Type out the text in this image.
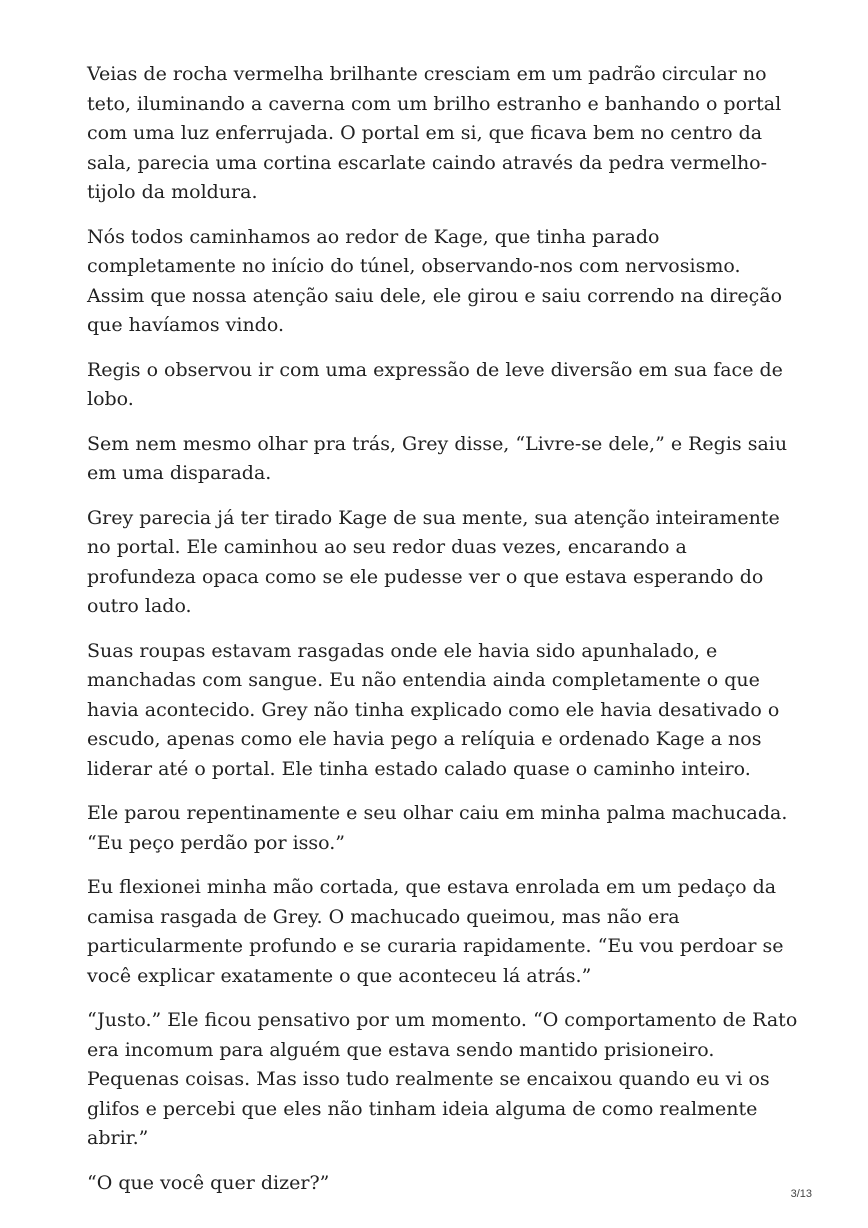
Veias de rocha vermelha brilhante cresciam em um padrão circular no teto, iluminando a caverna com um brilho estranho e banhando o portal com uma luz enferrujada. O portal em si, que ficava bem no centro da sala, parecia uma cortina escarlate caindo através da pedra vermelho-tijolo da moldura.

Nós todos caminhamos ao redor de Kage, que tinha parado completamente no início do túnel, observando-nos com nervosismo. Assim que nossa atenção saiu dele, ele girou e saiu correndo na direção que havíamos vindo.

Regis o observou ir com uma expressão de leve diversão em sua face de lobo.

Sem nem mesmo olhar pra trás, Grey disse, “Livre-se dele,” e Regis saiu em uma disparada.

Grey parecia já ter tirado Kage de sua mente, sua atenção inteiramente no portal. Ele caminhou ao seu redor duas vezes, encarando a profundeza opaca como se ele pudesse ver o que estava esperando do outro lado.

Suas roupas estavam rasgadas onde ele havia sido apunhalado, e manchadas com sangue. Eu não entendia ainda completamente o que havia acontecido. Grey não tinha explicado como ele havia desativado o escudo, apenas como ele havia pego a relíquia e ordenado Kage a nos liderar até o portal. Ele tinha estado calado quase o caminho inteiro.

Ele parou repentinamente e seu olhar caiu em minha palma machucada. “Eu peço perdão por isso.”

Eu flexionei minha mão cortada, que estava enrolada em um pedaço da camisa rasgada de Grey. O machucado queimou, mas não era particularmente profundo e se curaria rapidamente. “Eu vou perdoar se você explicar exatamente o que aconteceu lá atrás.”

“Justo.” Ele ficou pensativo por um momento. “O comportamento de Rato era incomum para alguém que estava sendo mantido prisioneiro. Pequenas coisas. Mas isso tudo realmente se encaixou quando eu vi os glifos e percebi que eles não tinham ideia alguma de como realmente abrir.”

“O que você quer dizer?”

3/13
